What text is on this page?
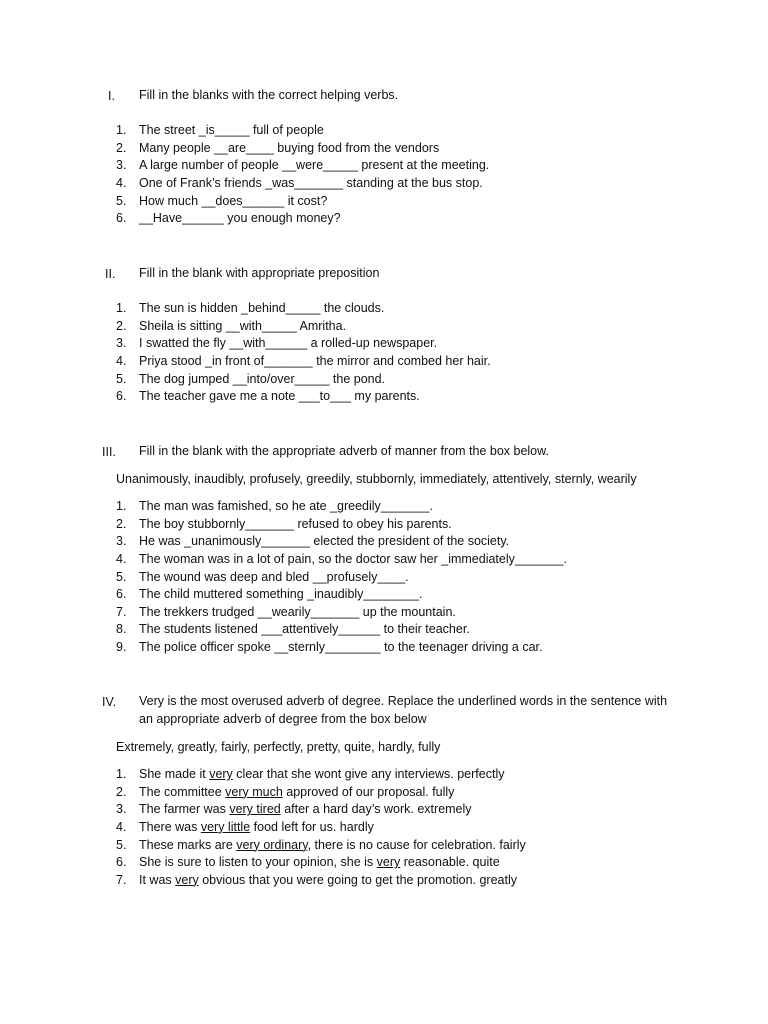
I.	Fill in the blanks with the correct helping verbs.
1.	The street _is_____ full of people
2.	Many people __are____ buying food from the vendors
3.	A large number of people __were_____ present at the meeting.
4.	One of Frank’s friends _was_______ standing at the bus stop.
5.	How much __does______ it cost?
6.	__Have______ you enough money?
II.	Fill in the blank with appropriate preposition
1.	The sun is hidden _behind_____ the clouds.
2.	Sheila is sitting __with_____ Amritha.
3.	I swatted the fly __with______ a rolled-up newspaper.
4.	Priya stood _in front of_______ the mirror and combed her hair.
5.	The dog jumped __into/over_____ the pond.
6.	The teacher gave me a note ___to___ my parents.
III.	Fill in the blank with the appropriate adverb of manner from the box below.
Unanimously, inaudibly, profusely, greedily, stubbornly, immediately, attentively, sternly, wearily
1.	The man was famished, so he ate _greedily_______.
2.	The boy stubbornly_______ refused to obey his parents.
3.	He was _unanimously_______ elected the president of the society.
4.	The woman was in a lot of pain, so the doctor saw her _immediately_______.
5.	The wound was deep and bled __profusely____.
6.	The child muttered something _inaudibly________.
7.	The trekkers trudged __wearily_______ up the mountain.
8.	The students listened ___attentively______ to their teacher.
9.	The police officer spoke __sternly________ to the teenager driving a car.
IV.	Very is the most overused adverb of degree. Replace the underlined words in the sentence with an appropriate adverb of degree from the box below
Extremely, greatly, fairly, perfectly, pretty, quite, hardly, fully
1.	She made it very clear that she wont give any interviews. perfectly
2.	The committee very much approved of our proposal. fully
3.	The farmer was very tired after a hard day’s work. extremely
4.	There was very little food left for us. hardly
5.	These marks are very ordinary, there is no cause for celebration. fairly
6.	She is sure to listen to your opinion, she is very reasonable. quite
7.	It was very obvious that you were going to get the promotion. greatly
